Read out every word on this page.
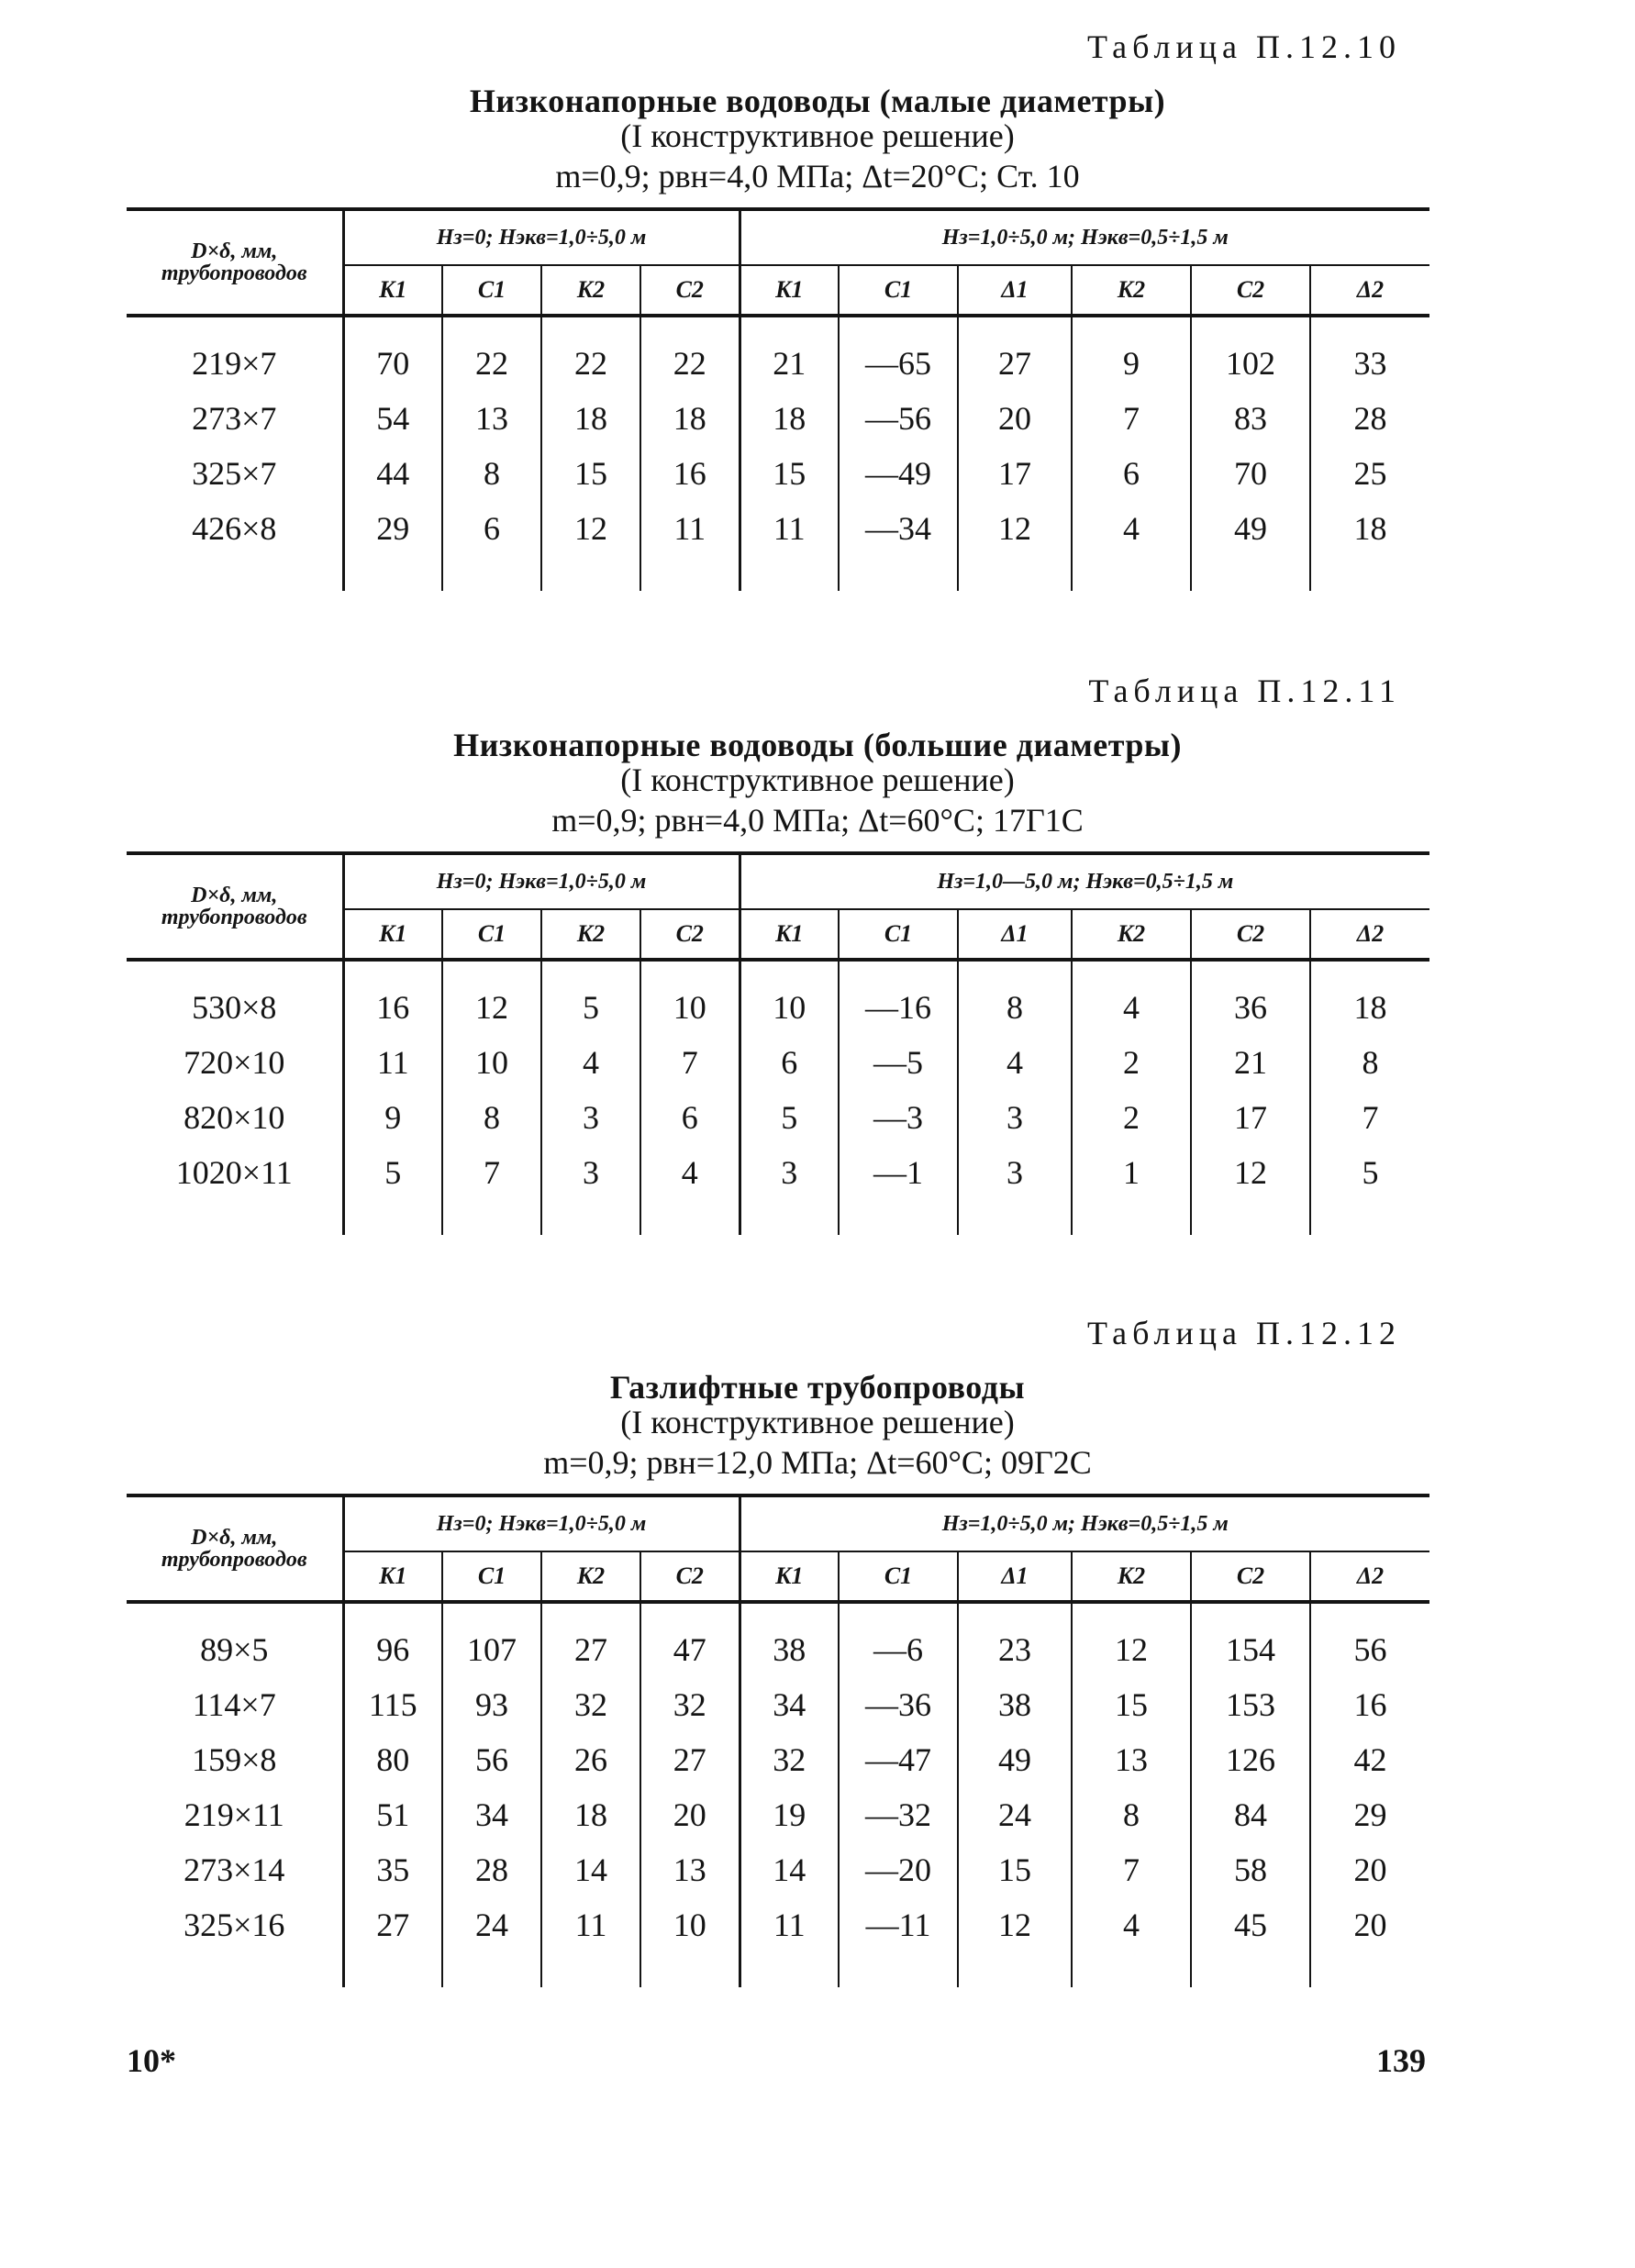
Таблица П.12.10
Низконапорные водоводы (малые диаметры)
(I конструктивное решение)
m=0,9; pвн=4,0 МПа; Δt=20°С; Ст. 10
D×δ, мм, трубопроводов	Hз=0; Hэкв=1,0÷5,0 м				Hз=1,0÷5,0 м; Hэкв=0,5÷1,5 м					
	K1	C1	K2	C2	K1	C1	Δ1	K2	C2	Δ2

219×7	70	22	22	22	21	—65	27	9	102	33
273×7	54	13	18	18	18	—56	20	7	83	28
325×7	44	8	15	16	15	—49	17	6	70	25
426×8	29	6	12	11	11	—34	12	4	49	18

Таблица П.12.11
Низконапорные водоводы (большие диаметры)
(I конструктивное решение)
m=0,9; pвн=4,0 МПа; Δt=60°С; 17Г1С
D×δ, мм, трубопроводов	Hз=0; Hэкв=1,0÷5,0 м				Hз=1,0—5,0 м; Hэкв=0,5÷1,5 м					
	K1	C1	K2	C2	K1	C1	Δ1	K2	C2	Δ2

530×8	16	12	5	10	10	—16	8	4	36	18
720×10	11	10	4	7	6	—5	4	2	21	8
820×10	9	8	3	6	5	—3	3	2	17	7
1020×11	5	7	3	4	3	—1	3	1	12	5

Таблица П.12.12
Газлифтные трубопроводы
(I конструктивное решение)
m=0,9; pвн=12,0 МПа; Δt=60°С; 09Г2С
D×δ, мм, трубопроводов	Hз=0; Hэкв=1,0÷5,0 м				Hз=1,0÷5,0 м; Hэкв=0,5÷1,5 м					
	K1	C1	K2	C2	K1	C1	Δ1	K2	C2	Δ2

89×5	96	107	27	47	38	—6	23	12	154	56
114×7	115	93	32	32	34	—36	38	15	153	16
159×8	80	56	26	27	32	—47	49	13	126	42
219×11	51	34	18	20	19	—32	24	8	84	29
273×14	35	28	14	13	14	—20	15	7	58	20
325×16	27	24	11	10	11	—11	12	4	45	20

10*	139
